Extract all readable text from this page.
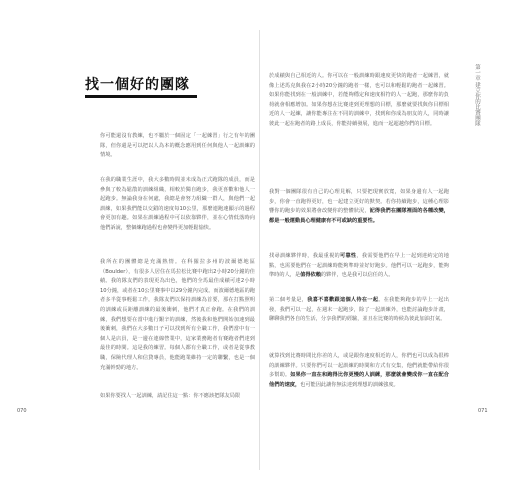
找一個好的團隊

你可能還沒有教練，也不屬於一個固定「一起練習」行之有年的團隊，但你還是可以把以人為本的概念應用到任何與他人一起訓練的情境。

在我的職業生涯中，我大多數時間並未成為正式跑隊的成員，而是參與了較為鬆散的訓練組織，相較於獨自跑步，我更喜歡和他人一起跑步。無論我身在何處，我總是會努力組織一群人，與他們一起訓練，如果我們能以交錯的速度每10公里，那麼連跑速顯示的過程會更加有趣。如果在訓練過程中可以依靠夥伴，並在心情低落時向他們訴說，整個練跑過程也會變得更加輕鬆愉快。

我所在的團體總是充滿熱情。在科羅拉多州的波爾德地區（Boulder），有很多人居住在馬拉松比賽中跑出2小時20分鐘的佳績。我的隊友們的表現更為出色，他們的全馬最佳成績可達2小時10分鐘，或者在10公里賽事中以29分鐘內完成。而波爾德地區的跑者多半從事輕鬆工作，我隊友們以保持訓練為首要，那在打點照明的訓練或長距離訓練的最後衝刺，他們才真正會跑。在我們的訓練，我們想要在當中進行艱辛的訓練，然後我和他們開始加速到最後衝刺，我們在大多數日子可以找到所有全職工作，我們當中有一個人是店員，是一邊在連線營業中，這家業務跑者有賽跑者們達到最佳的時間。這是我的練習。每個人都有全職工作，或者是從事教職，保險代理人和信貸專員，他能跑業維持一定的聯繫，也是一個充滿幹勁的地方。

如果你要找人一起訓練，請記住這一點：你不應該把隊友局限

第一章 建立你的比賽團隊

於成績與自己相近的人。你可以在一般訓練時跟速度更快的跑者一起練習，就像上述馬克與我在2小時20分鐘的跑者一樣，也可以和輕鬆的跑者一起練習。如果你能找到在一般訓練中，若能夠穩定和速度相符的人一起跑，那麼你的負荷就會相應增加。如果你想在比賽達到更理想的目標，那麼就要找與你目標相近的人一起練，讓你能專注在不同的訓練中，找到和你成為朋友的人，同時讓彼此一起在跑者的路上成長，你能持續發展，進而一起超越你們的目標。

我對一個團隊很有自己的心理見解，只要把現實放寬，如果身邊有人一起跑步，你會一直跑得更好，也一起建立更好的默契。若你持續跑步，這種心理影響你的跑步的效果將會改變你的整體狀況，記得我們在團隊裡面的各種改變，都是一般運動員心理健康有不可或缺的重要性。

找尋訓練夥伴時，我最重視的可靠性，我需要他們在早上一起到達約定的地點，也需要他們在一起訓練時能夠準時並好好跑步。他們可以一起跑步，能夠準時的人，是值得依賴的夥伴，也是我可以信任的人。

第二個考量是，我喜不喜歡跟這個人待在一起。在我能夠跑步的早上一起出發，我們可以一起，在週末一起跑步，除了一起訓練外，也能討論跑步計畫，聊聊我們各自的生活，分享我們的經驗，並且在比賽的時候為彼此加油打氣。

就算找到比賽時間比你差的人，或是跟你速度相近的人，你們也可以成為很棒的訓練夥伴。只要你們可以一起訓練的時間和方式有交集，他們就能帶給你很多幫助。如果你一直在和跑得比你更慢的人訓練，那麼就會變成你一直在配合他們的速度，也可能因此讓你無法達到理想的訓練強度。

070	071
